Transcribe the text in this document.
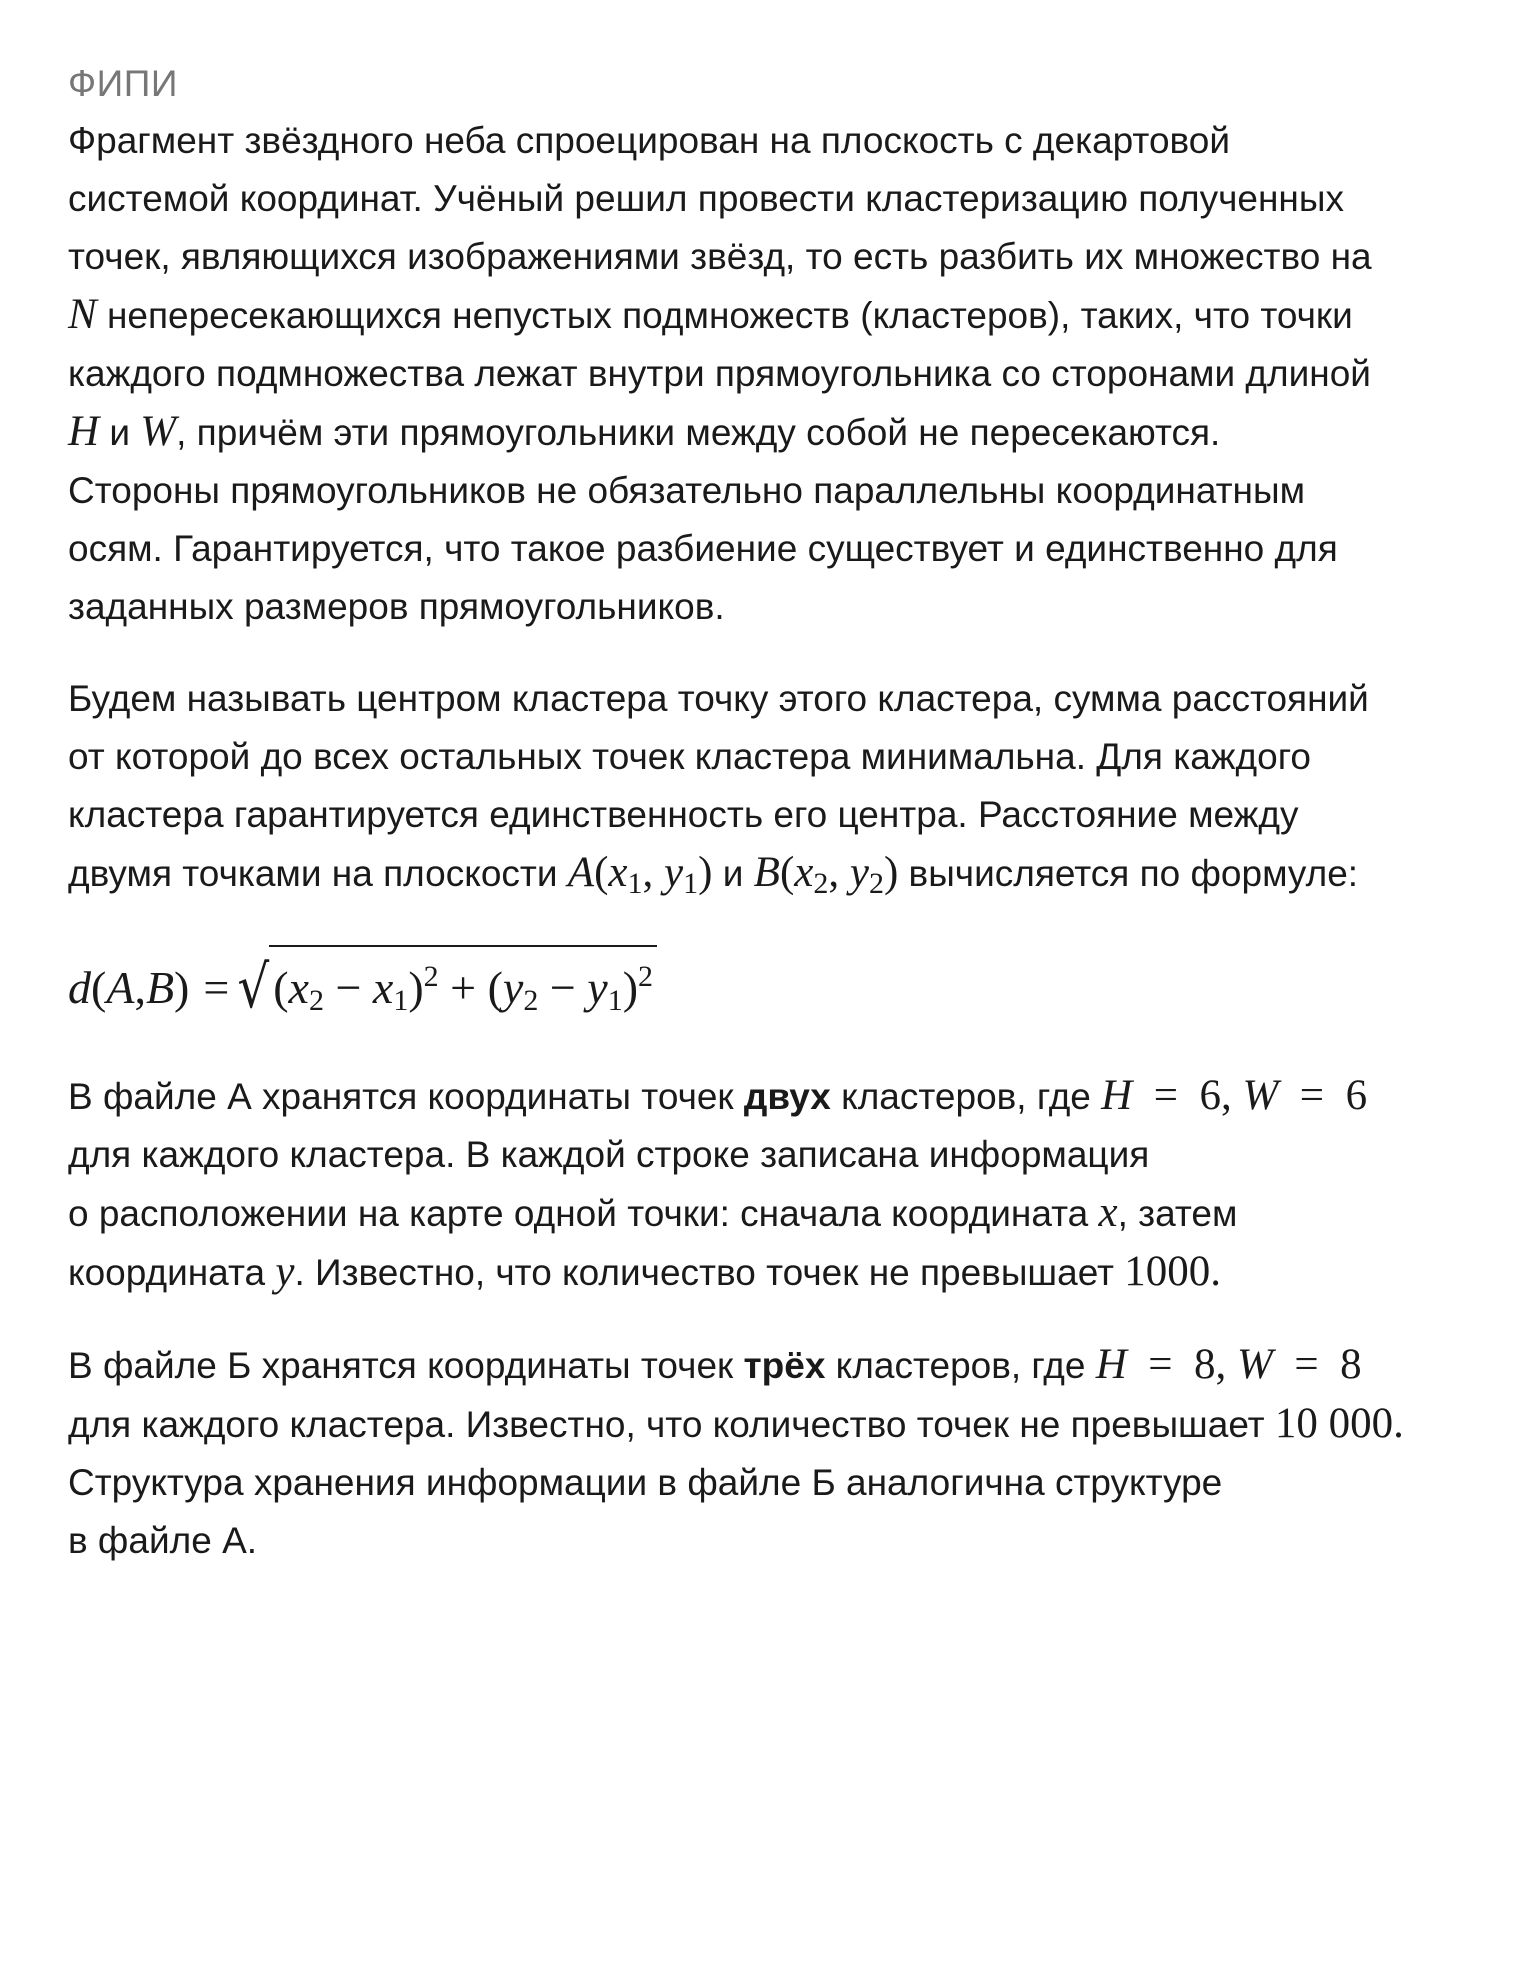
ФИПИ
Фрагмент звёздного неба спроецирован на плоскость с декартовой
системой координат. Учёный решил провести кластеризацию полученных
точек, являющихся изображениями звёзд, то есть разбить их множество на
N непересекающихся непустых подмножеств (кластеров), таких, что точки
каждого подмножества лежат внутри прямоугольника со сторонами длиной
H и W, причём эти прямоугольники между собой не пересекаются.
Стороны прямоугольников не обязательно параллельны координатным
осям. Гарантируется, что такое разбиение существует и единственно для
заданных размеров прямоугольников.
Будем называть центром кластера точку этого кластера, сумма расстояний
от которой до всех остальных точек кластера минимальна. Для каждого
кластера гарантируется единственность его центра. Расстояние между
двумя точками на плоскости $A(x_1$, $y_1$) и $B(x_2$, $y_2$) вычисляется по формуле:
d ( A , B ) = √ (x2 − x1)2 + (y2 − y1)2
В файле А хранятся координаты точек двух кластеров, где H  =  6, W  =  6
для каждого кластера. В каждой строке записана информация
о расположении на карте одной точки: сначала координата x, затем
координата y. Известно, что количество точек не превышает 1000.
В файле Б хранятся координаты точек трёх кластеров, где H  =  8, W  =  8
для каждого кластера. Известно, что количество точек не превышает 10 000.
Структура хранения информации в файле Б аналогична структуре
в файле А.
